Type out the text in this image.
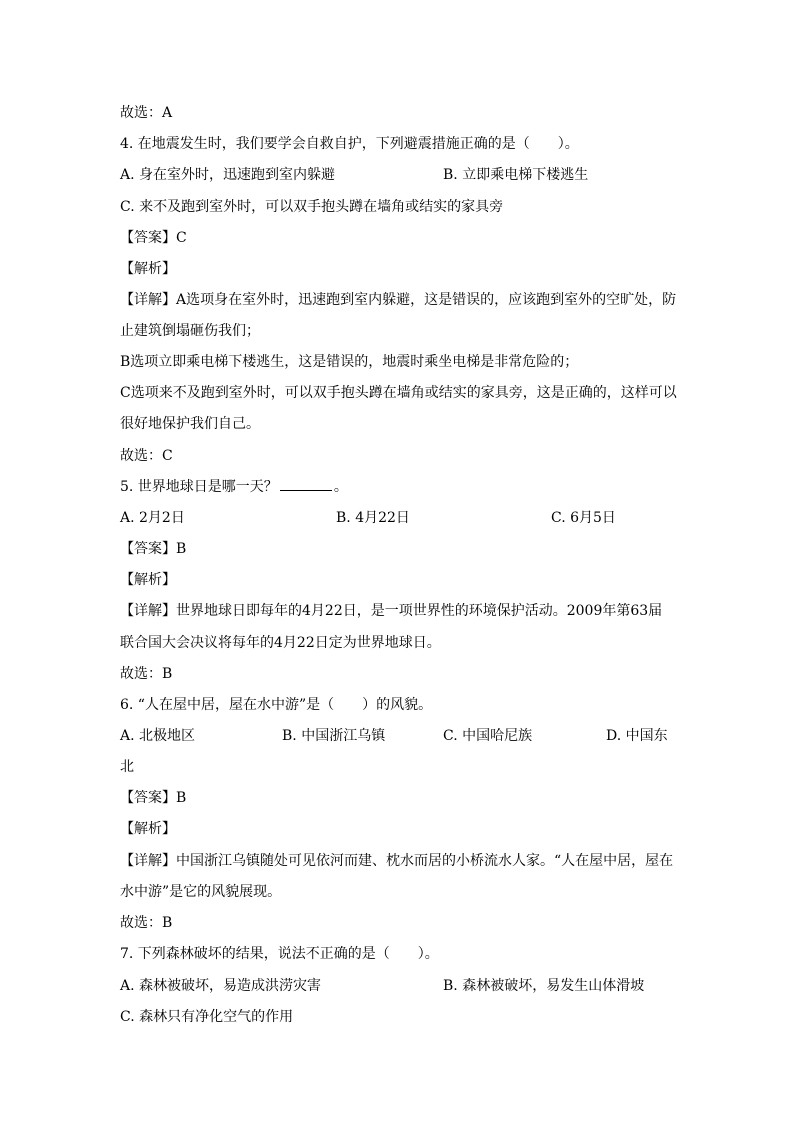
故选：A
4. 在地震发生时，我们要学会自救自护，下列避震措施正确的是（　　）。
A. 身在室外时，迅速跑到室内躲避	B. 立即乘电梯下楼逃生
C. 来不及跑到室外时，可以双手抱头蹲在墙角或结实的家具旁
【答案】C
【解析】
【详解】A选项身在室外时，迅速跑到室内躲避，这是错误的，应该跑到室外的空旷处，防
止建筑倒塌砸伤我们；
B选项立即乘电梯下楼逃生，这是错误的，地震时乘坐电梯是非常危险的；
C选项来不及跑到室外时，可以双手抱头蹲在墙角或结实的家具旁，这是正确的，这样可以
很好地保护我们自己。
故选：C
5. 世界地球日是哪一天？	。
A. 2月2日	B. 4月22日	C. 6月5日
【答案】B
【解析】
【详解】世界地球日即每年的4月22日，是一项世界性的环境保护活动。2009年第63届
联合国大会决议将每年的4月22日定为世界地球日。
故选：B
6. “人在屋中居，屋在水中游”是（　　）的风貌。
A. 北极地区	B. 中国浙江乌镇	C. 中国哈尼族	D. 中国东
北
【答案】B
【解析】
【详解】中国浙江乌镇随处可见依河而建、枕水而居的小桥流水人家。“人在屋中居，屋在
水中游”是它的风貌展现。
故选：B
7. 下列森林破坏的结果，说法不正确的是（　　）。
A. 森林被破坏，易造成洪涝灾害	B. 森林被破坏，易发生山体滑坡
C. 森林只有净化空气的作用
